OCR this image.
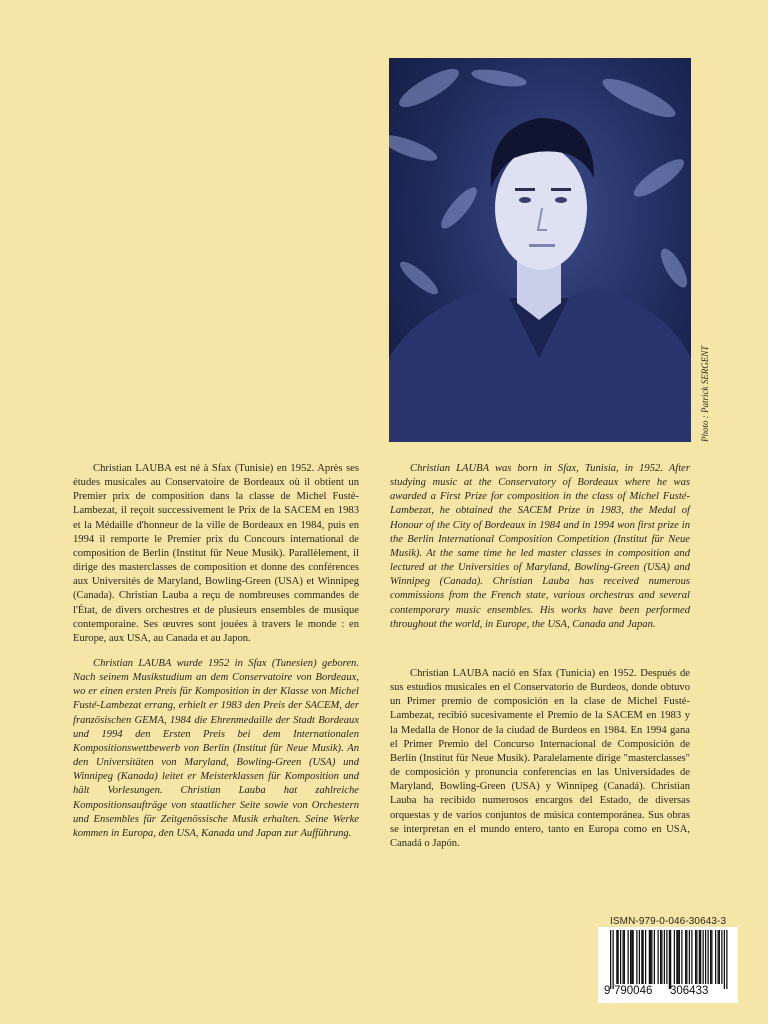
Photo : Patrick SERGENT

Christian LAUBA est né à Sfax (Tunisie) en 1952. Après ses études musicales au Conservatoire de Bordeaux où il obtient un Premier prix de composition dans la classe de Michel Fusté-Lambezat, il reçoit successivement le Prix de la SACEM en 1983 et la Médaille d'honneur de la ville de Bordeaux en 1984, puis en 1994 il remporte le Premier prix du Concours international de composition de Berlin (Institut für Neue Musik). Parallèlement, il dirige des masterclasses de composition et donne des conférences aux Universités de Maryland, Bowling-Green (USA) et Winnipeg (Canada). Christian Lauba a reçu de nombreuses commandes de l'État, de divers orchestres et de plusieurs ensembles de musique contemporaine. Ses œuvres sont jouées à travers le monde : en Europe, aux USA, au Canada et au Japon.

Christian LAUBA was born in Sfax, Tunisia, in 1952. After studying music at the Conservatory of Bordeaux where he was awarded a First Prize for composition in the class of Michel Fusté-Lambezat, he obtained the SACEM Prize in 1983, the Medal of Honour of the City of Bordeaux in 1984 and in 1994 won first prize in the Berlin International Composition Competition (Institut für Neue Musik). At the same time he led master classes in composition and lectured at the Universities of Maryland, Bowling-Green (USA) and Winnipeg (Canada). Christian Lauba has received numerous commissions from the French state, various orchestras and several contemporary music ensembles. His works have been performed throughout the world, in Europe, the USA, Canada and Japan.

Christian LAUBA wurde 1952 in Sfax (Tunesien) geboren. Nach seinem Musikstudium an dem Conservatoire von Bordeaux, wo er einen ersten Preis für Komposition in der Klasse von Michel Fusté-Lambezat errang, erhielt er 1983 den Preis der SACEM, der französischen GEMA, 1984 die Ehrenmedaille der Stadt Bordeaux und 1994 den Ersten Preis bei dem Internationalen Kompositionswettbewerb von Berlin (Institut für Neue Musik). An den Universitäten von Maryland, Bowling-Green (USA) und Winnipeg (Kanada) leitet er Meisterklassen für Komposition und hält Vorlesungen. Christian Lauba hat zahlreiche Kompositionsaufträge von staatlicher Seite sowie von Orchestern und Ensembles für Zeitgenössische Musik erhalten. Seine Werke kommen in Europa, den USA, Kanada und Japan zur Aufführung.

Christian LAUBA nació en Sfax (Tunicia) en 1952. Después de sus estudios musicales en el Conservatorio de Burdeos, donde obtuvo un Primer premio de composición en la clase de Michel Fusté-Lambezat, recibió sucesivamente el Premio de la SACEM en 1983 y la Medalla de Honor de la ciudad de Burdeos en 1984. En 1994 gana el Primer Premio del Concurso Internacional de Composición de Berlín (Institut für Neue Musik). Paralelamente dirige "masterclasses" de composición y pronuncia conferencias en las Universidades de Maryland, Bowling-Green (USA) y Winnipeg (Canadá). Christian Lauba ha recibido numerosos encargos del Estado, de diversas orquestas y de varios conjuntos de música contemporánea. Sus obras se interpretan en el mundo entero, tanto en Europa como en USA, Canadá o Japón.

ISMN-979-0-046-30643-3
9 790046 306433
